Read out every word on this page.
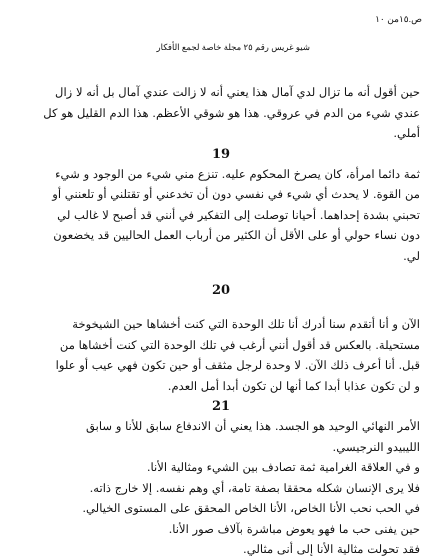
ص.١٥من ١٠
شيو غريس رقم ٢٥ مجلة خاصة لجمع الأفكار

حين أقول أنه ما تزال لدي آمال هذا يعني أنه لا زالت عندي آمال بل أنه لا زال
عندي شيء من الدم في عروقي. هذا هو شوقي الأعظم. هذا الدم القليل هو كل
أملي.

19

ثمة دائما امرأة، كان يصرخ المحكوم عليه. تنزع مني شيء من الوجود و شيء
من القوة. لا يحدث أي شيء في نفسي دون أن تخدعني أو تقتلني أو تلعنني أو
تحبني بشدة إحداهما. أحيانا توصلت إلى التفكير في أنني قد أصبح لا غالب لي
دون نساء حولي أو على الأقل أن الكثير من أرباب العمل الحاليين قد يخضعون
لي.

20

الآن و أنا أتقدم سنا أدرك أنا تلك الوحدة التي كنت أخشاها حين الشيخوخة
مستحيلة. بالعكس قد أقول أنني أرغب في تلك الوحدة التي كنت أخشاها من
قبل. أنا أعرف ذلك الآن. لا وحدة لرجل مثقف أو حين تكون فهي عيب أو علوا
و لن تكون عذابا أبدا كما أنها لن تكون أبدا أمل العدم.

21

الأمر النهائي الوحيد هو الجسد. هذا يعني أن الاندفاع سابق للأنا و سابق
الليبيدو النرجيسي.
و في العلاقة الغرامية ثمة تصادف بين الشيء ومثالية الأنا.
فلا يرى الإنسان شكله محققا بصفة تامة، أي وهم نفسه. إلا خارج ذاته.
في الحب نحب الأنا الخاص، الأنا الخاص المحقق على المستوى الخيالي.
حين يفنى حب ما فهو يعوض مباشرة بآلاف صور الأنا.
فقد تحولت مثالية الأنا إلى أنى مثالي.
